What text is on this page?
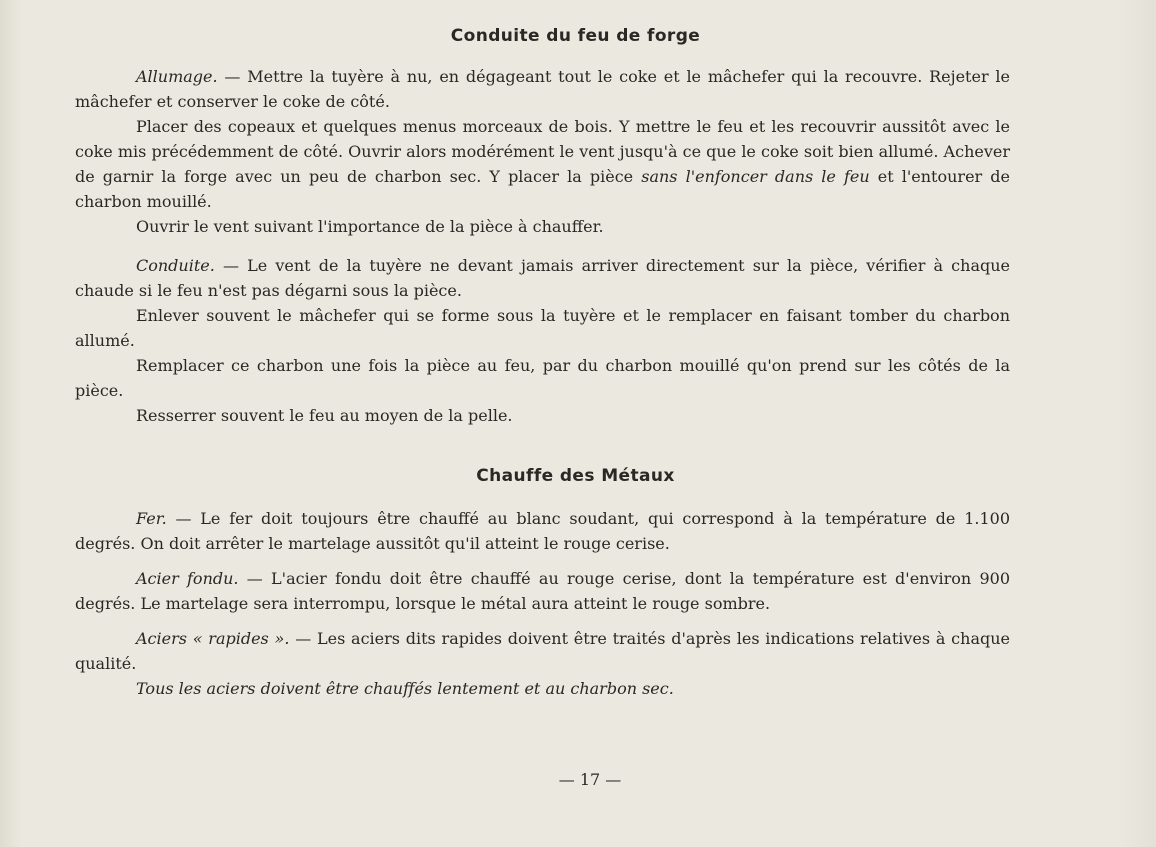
Conduite du feu de forge

Allumage. — Mettre la tuyère à nu, en dégageant tout le coke et le mâchefer qui la recouvre. Rejeter le mâchefer et conserver le coke de côté.

Placer des copeaux et quelques menus morceaux de bois. Y mettre le feu et les recouvrir aussitôt avec le coke mis précédemment de côté. Ouvrir alors modérément le vent jusqu'à ce que le coke soit bien allumé. Achever de garnir la forge avec un peu de charbon sec. Y placer la pièce sans l'enfoncer dans le feu et l'entourer de charbon mouillé.

Ouvrir le vent suivant l'importance de la pièce à chauffer.

Conduite. — Le vent de la tuyère ne devant jamais arriver directement sur la pièce, vérifier à chaque chaude si le feu n'est pas dégarni sous la pièce.

Enlever souvent le mâchefer qui se forme sous la tuyère et le remplacer en faisant tomber du charbon allumé.

Remplacer ce charbon une fois la pièce au feu, par du charbon mouillé qu'on prend sur les côtés de la pièce.

Resserrer souvent le feu au moyen de la pelle.

Chauffe des Métaux

Fer. — Le fer doit toujours être chauffé au blanc soudant, qui correspond à la température de 1.100 degrés. On doit arrêter le martelage aussitôt qu'il atteint le rouge cerise.

Acier fondu. — L'acier fondu doit être chauffé au rouge cerise, dont la température est d'environ 900 degrés. Le martelage sera interrompu, lorsque le métal aura atteint le rouge sombre.

Aciers « rapides ». — Les aciers dits rapides doivent être traités d'après les indications relatives à chaque qualité.

Tous les aciers doivent être chauffés lentement et au charbon sec.

— 17 —
